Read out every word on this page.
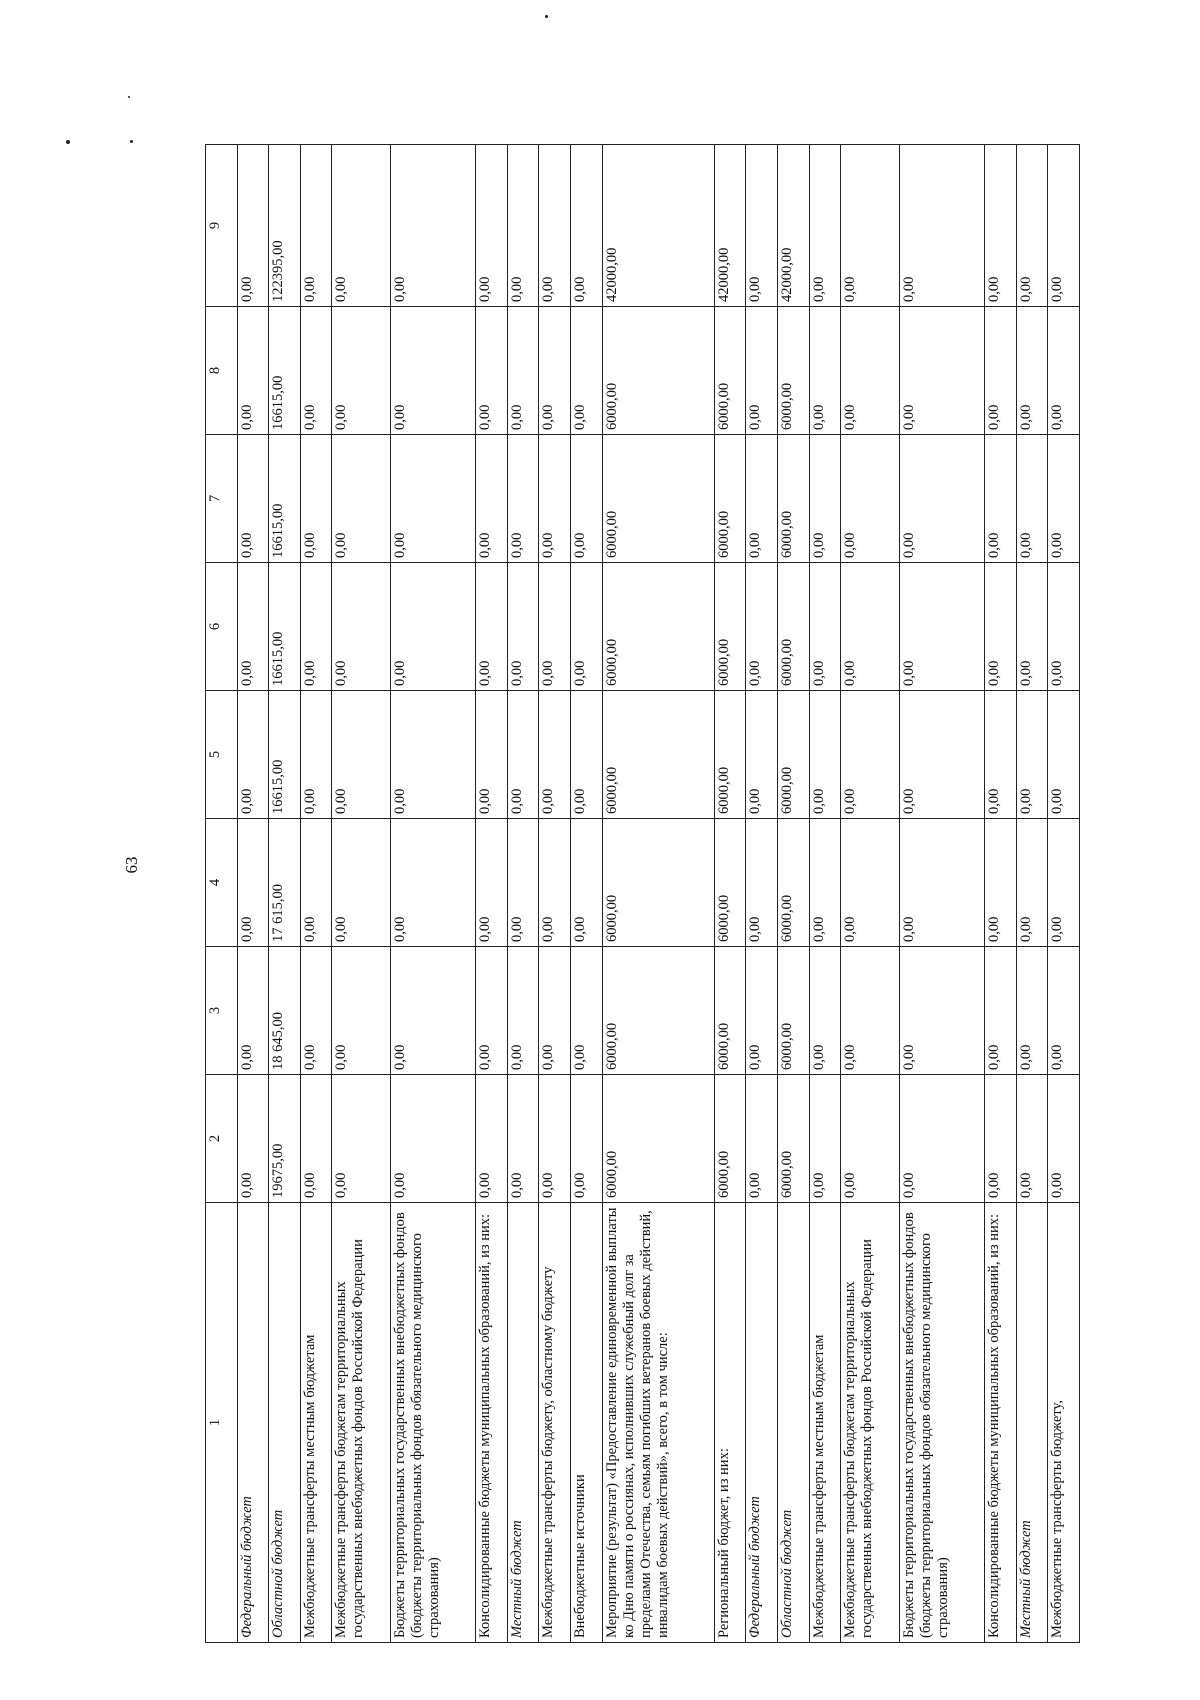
63
1	2	3	4	5	6	7	8	9
Федеральный бюджет	0,00	0,00	0,00	0,00	0,00	0,00	0,00	0,00
Областной бюджет	19675,00	18 645,00	17 615,00	16615,00	16615,00	16615,00	16615,00	122395,00
Межбюджетные трансферты местным бюджетам	0,00	0,00	0,00	0,00	0,00	0,00	0,00	0,00
Межбюджетные трансферты бюджетам территориальных государственных внебюджетных фондов Российской Федерации	0,00	0,00	0,00	0,00	0,00	0,00	0,00	0,00
Бюджеты территориальных государственных внебюджетных фондов (бюджеты территориальных фондов обязательного медицинского страхования)	0,00	0,00	0,00	0,00	0,00	0,00	0,00	0,00
Консолидированные бюджеты муниципальных образований, из них:	0,00	0,00	0,00	0,00	0,00	0,00	0,00	0,00
Местный бюджет	0,00	0,00	0,00	0,00	0,00	0,00	0,00	0,00
Межбюджетные трансферты бюджету, областному бюджету	0,00	0,00	0,00	0,00	0,00	0,00	0,00	0,00
Внебюджетные источники	0,00	0,00	0,00	0,00	0,00	0,00	0,00	0,00
Мероприятие (результат) «Предоставление единовременной выплаты ко Дню памяти о россиянах, исполнивших служебный долг за пределами Отечества, семьям погибших ветеранов боевых действий, инвалидам боевых действий», всего, в том числе:	6000,00	6000,00	6000,00	6000,00	6000,00	6000,00	6000,00	42000,00
Региональный бюджет, из них:	6000,00	6000,00	6000,00	6000,00	6000,00	6000,00	6000,00	42000,00
Федеральный бюджет	0,00	0,00	0,00	0,00	0,00	0,00	0,00	0,00
Областной бюджет	6000,00	6000,00	6000,00	6000,00	6000,00	6000,00	6000,00	42000,00
Межбюджетные трансферты местным бюджетам	0,00	0,00	0,00	0,00	0,00	0,00	0,00	0,00
Межбюджетные трансферты бюджетам территориальных государственных внебюджетных фондов Российской Федерации	0,00	0,00	0,00	0,00	0,00	0,00	0,00	0,00
Бюджеты территориальных государственных внебюджетных фондов (бюджеты территориальных фондов обязательного медицинского страхования)	0,00	0,00	0,00	0,00	0,00	0,00	0,00	0,00
Консолидированные бюджеты муниципальных образований, из них:	0,00	0,00	0,00	0,00	0,00	0,00	0,00	0,00
Местный бюджет	0,00	0,00	0,00	0,00	0,00	0,00	0,00	0,00
Межбюджетные трансферты бюджету,	0,00	0,00	0,00	0,00	0,00	0,00	0,00	0,00
